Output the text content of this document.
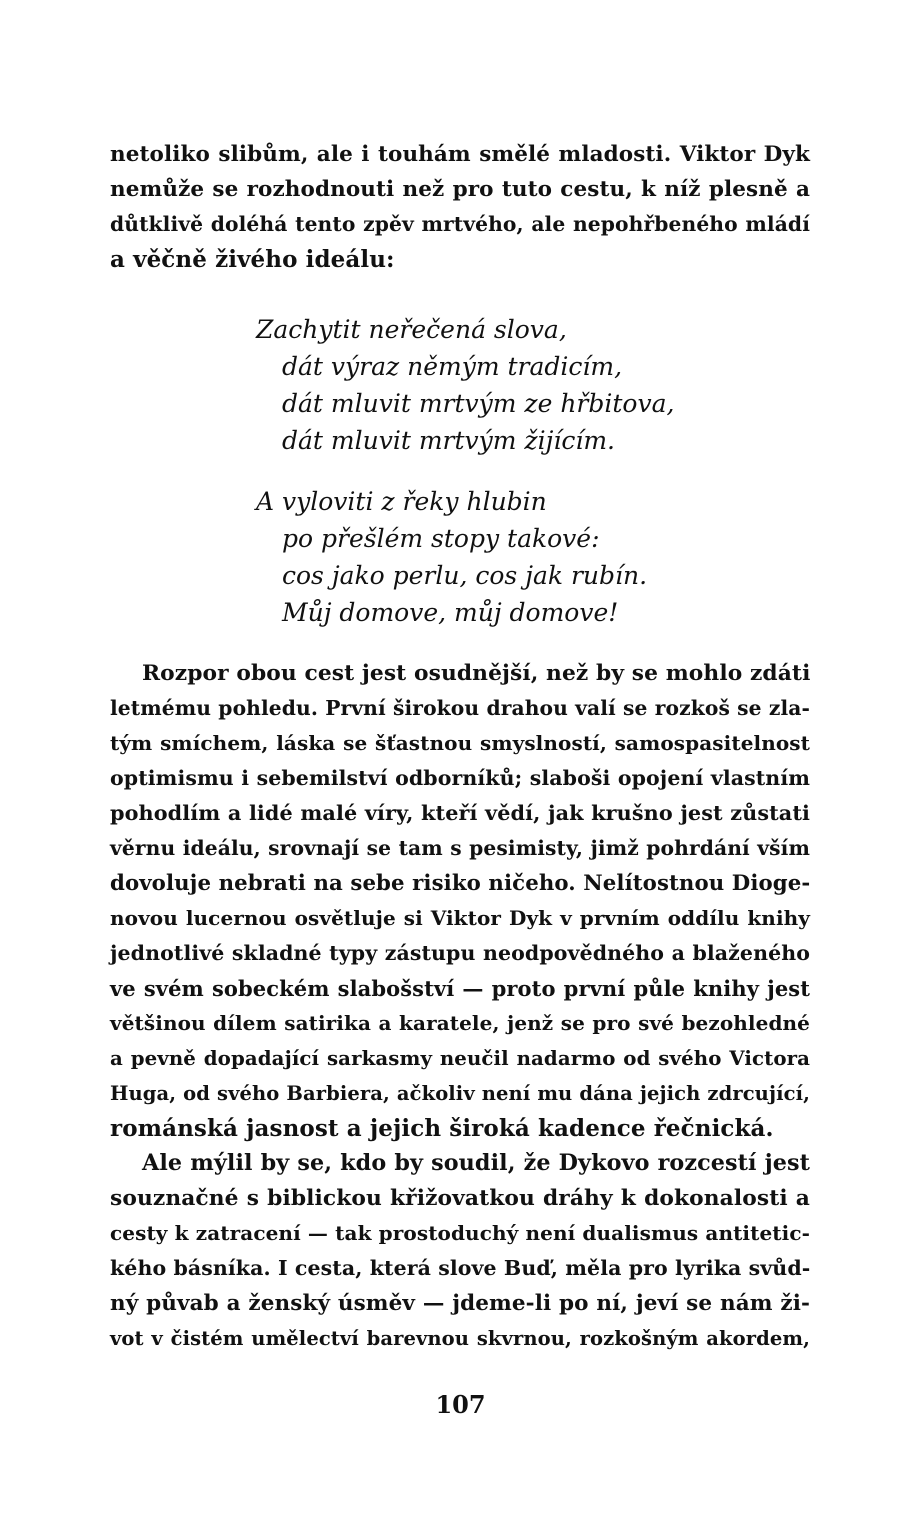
netoliko slibům, ale i touhám smělé mladosti. Viktor Dyk
nemůže se rozhodnouti než pro tuto cestu, k níž plesně a
důtklivě doléhá tento zpěv mrtvého, ale nepohřbeného mládí
a věčně živého ideálu:
Zachytit neřečená slova,
dát výraz němým tradicím,
dát mluvit mrtvým ze hřbitova,
dát mluvit mrtvým žijícím.
A vyloviti z řeky hlubin
po přešlém stopy takové:
cos jako perlu, cos jak rubín.
Můj domove, můj domove!
Rozpor obou cest jest osudnější, než by se mohlo zdáti
letmému pohledu. První širokou drahou valí se rozkoš se zla-
tým smíchem, láska se šťastnou smyslností, samospasitelnost
optimismu i sebemilství odborníků; slaboši opojení vlastním
pohodlím a lidé malé víry, kteří vědí, jak krušno jest zůstati
věrnu ideálu, srovnají se tam s pesimisty, jimž pohrdání vším
dovoluje nebrati na sebe risiko ničeho. Nelítostnou Dioge-
novou lucernou osvětluje si Viktor Dyk v prvním oddílu knihy
jednotlivé skladné typy zástupu neodpovědného a blaženého
ve svém sobeckém slabošství — proto první půle knihy jest
většinou dílem satirika a karatele, jenž se pro své bezohledné
a pevně dopadající sarkasmy neučil nadarmo od svého Victora
Huga, od svého Barbiera, ačkoliv není mu dána jejich zdrcující,
románská jasnost a jejich široká kadence řečnická.
Ale mýlil by se, kdo by soudil, že Dykovo rozcestí jest
souznačné s biblickou křižovatkou dráhy k dokonalosti a
cesty k zatracení — tak prostoduchý není dualismus antitetic-
kého básníka. I cesta, která slove Buď, měla pro lyrika svůd-
ný půvab a ženský úsměv — jdeme-li po ní, jeví se nám ži-
vot v čistém umělectví barevnou skvrnou, rozkošným akordem,
107
